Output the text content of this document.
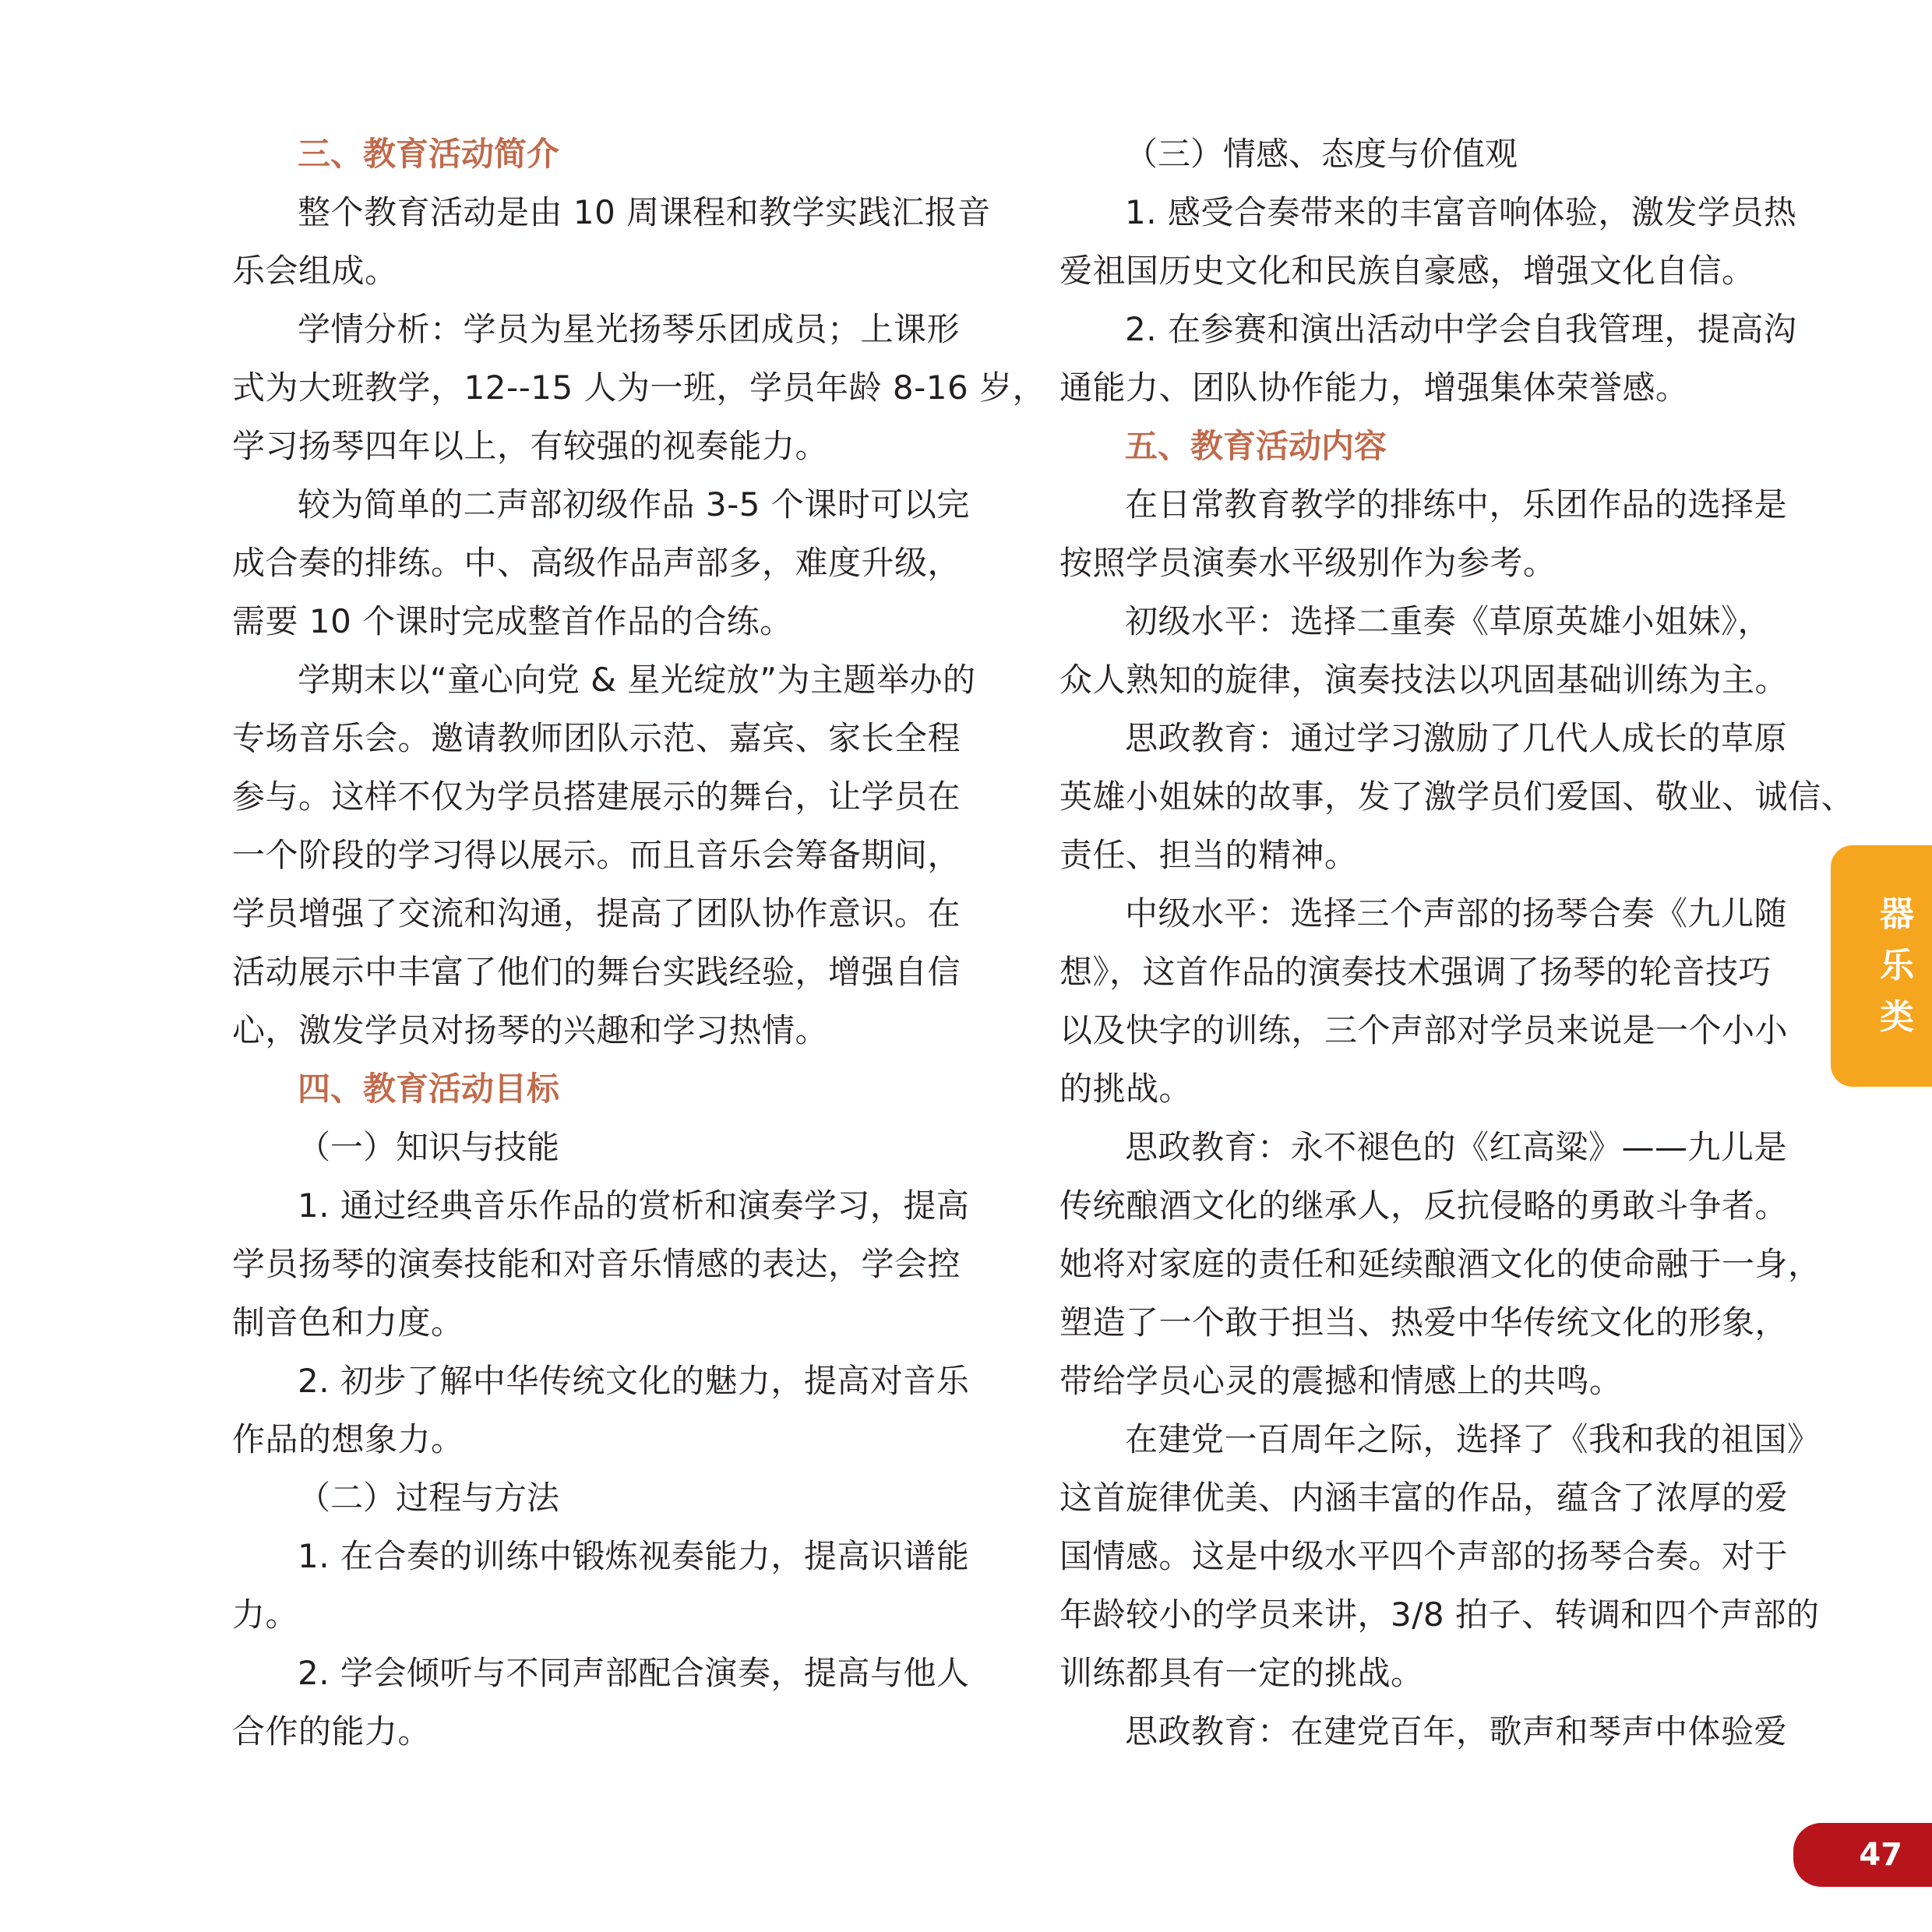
三、教育活动简介
整个教育活动是由 10 周课程和教学实践汇报音
乐会组成。
学情分析：学员为星光扬琴乐团成员；上课形
式为大班教学，12--15 人为一班，学员年龄 8-16 岁，
学习扬琴四年以上，有较强的视奏能力。
较为简单的二声部初级作品 3-5 个课时可以完
成合奏的排练。中、高级作品声部多，难度升级，
需要 10 个课时完成整首作品的合练。
学期末以“童心向党 & 星光绽放”为主题举办的
专场音乐会。邀请教师团队示范、嘉宾、家长全程
参与。这样不仅为学员搭建展示的舞台，让学员在
一个阶段的学习得以展示。而且音乐会筹备期间，
学员增强了交流和沟通，提高了团队协作意识。在
活动展示中丰富了他们的舞台实践经验，增强自信
心，激发学员对扬琴的兴趣和学习热情。
四、教育活动目标
（一）知识与技能
1. 通过经典音乐作品的赏析和演奏学习，提高
学员扬琴的演奏技能和对音乐情感的表达，学会控
制音色和力度。
2. 初步了解中华传统文化的魅力，提高对音乐
作品的想象力。
（二）过程与方法
1. 在合奏的训练中锻炼视奏能力，提高识谱能
力。
2. 学会倾听与不同声部配合演奏，提高与他人
合作的能力。
（三）情感、态度与价值观
1. 感受合奏带来的丰富音响体验，激发学员热
爱祖国历史文化和民族自豪感，增强文化自信。
2. 在参赛和演出活动中学会自我管理，提高沟
通能力、团队协作能力，增强集体荣誉感。
五、教育活动内容
在日常教育教学的排练中，乐团作品的选择是
按照学员演奏水平级别作为参考。
初级水平：选择二重奏《草原英雄小姐妹》，
众人熟知的旋律，演奏技法以巩固基础训练为主。
思政教育：通过学习激励了几代人成长的草原
英雄小姐妹的故事，发了激学员们爱国、敬业、诚信、
责任、担当的精神。
中级水平：选择三个声部的扬琴合奏《九儿随
想》，这首作品的演奏技术强调了扬琴的轮音技巧
以及快字的训练，三个声部对学员来说是一个小小
的挑战。
思政教育：永不褪色的《红高粱》——九儿是
传统酿酒文化的继承人，反抗侵略的勇敢斗争者。
她将对家庭的责任和延续酿酒文化的使命融于一身，
塑造了一个敢于担当、热爱中华传统文化的形象，
带给学员心灵的震撼和情感上的共鸣。
在建党一百周年之际，选择了《我和我的祖国》
这首旋律优美、内涵丰富的作品，蕴含了浓厚的爱
国情感。这是中级水平四个声部的扬琴合奏。对于
年龄较小的学员来讲，3/8 拍子、转调和四个声部的
训练都具有一定的挑战。
思政教育：在建党百年，歌声和琴声中体验爱
器
乐
类
47
